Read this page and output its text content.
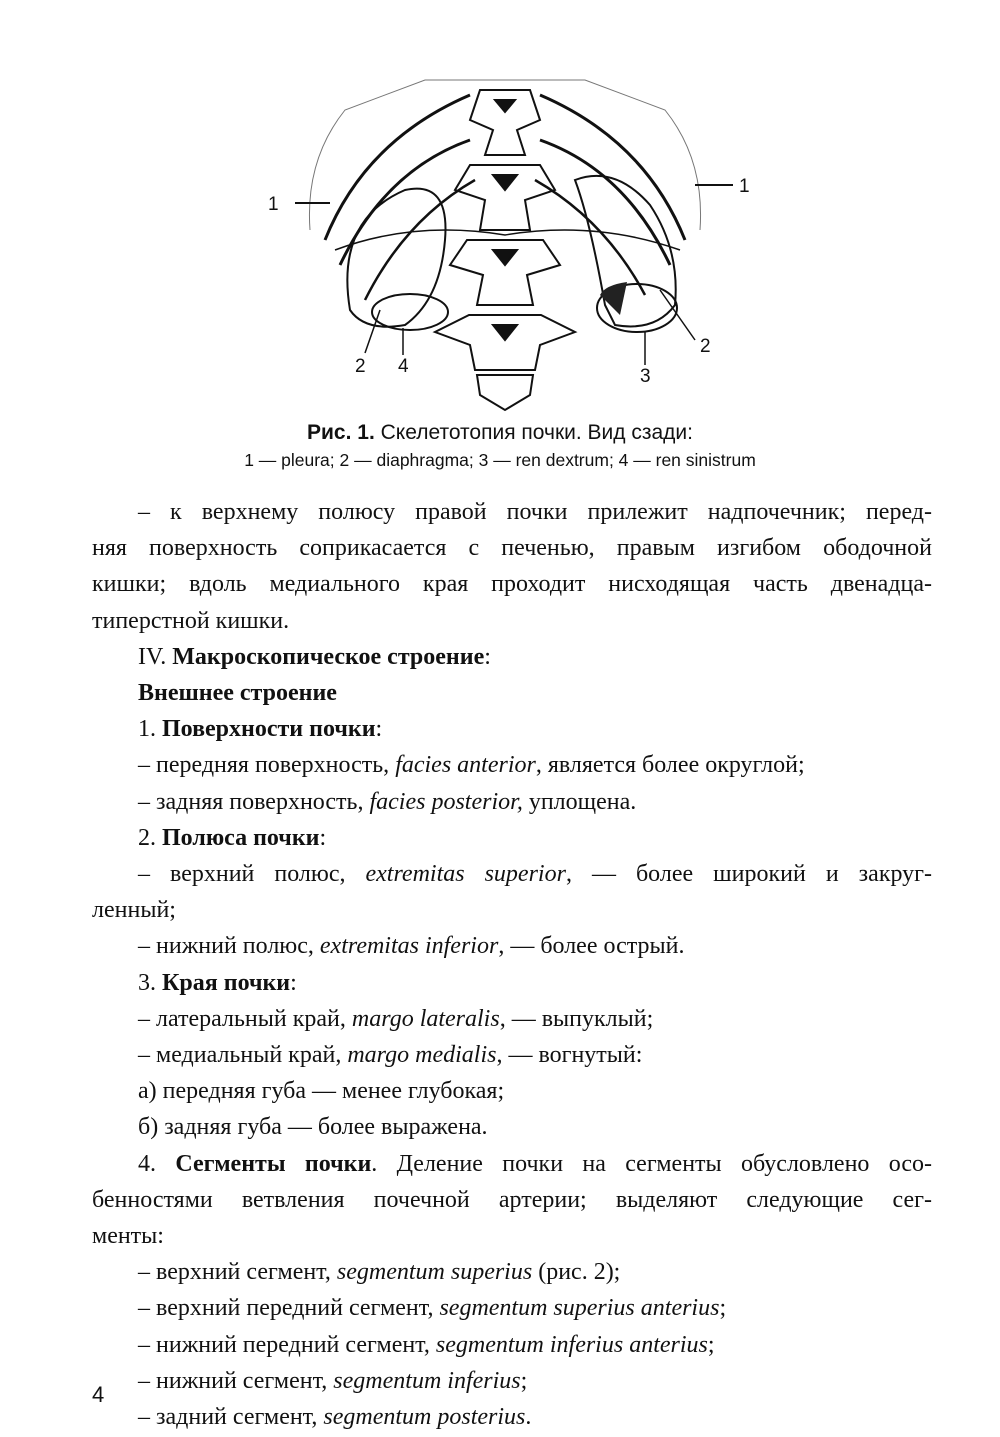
1
1
2 4
2
3
Рис. 1. Скелетотопия почки. Вид сзади:
1 — pleura; 2 — diaphragma; 3 — ren dextrum; 4 — ren sinistrum

– к верхнему полюсу правой почки прилежит надпочечник; перед-

няя поверхность соприкасается с печенью, правым изгибом ободочной

кишки; вдоль медиального края проходит нисходящая часть двенадца-

типерстной кишки.

IV. Макроскопическое строение:

Внешнее строение

1. Поверхности почки:

– передняя поверхность, facies anterior, является более округлой;

– задняя поверхность, facies posterior, уплощена.

2. Полюса почки:

– верхний полюс, extremitas superior, — более широкий и закруг-

ленный;

– нижний полюс, extremitas inferior, — более острый.

3. Края почки:

– латеральный край, margo lateralis, — выпуклый;

– медиальный край, margo medialis, — вогнутый:

а) передняя губа — менее глубокая;

б) задняя губа — более выражена.

4. Сегменты почки. Деление почки на сегменты обусловлено осо-

бенностями ветвления почечной артерии; выделяют следующие сег-

менты:

– верхний сегмент, segmentum superius (рис. 2);

– верхний передний сегмент, segmentum superius anterius;

– нижний передний сегмент, segmentum inferius anterius;

– нижний сегмент, segmentum inferius;

– задний сегмент, segmentum posterius.

4
